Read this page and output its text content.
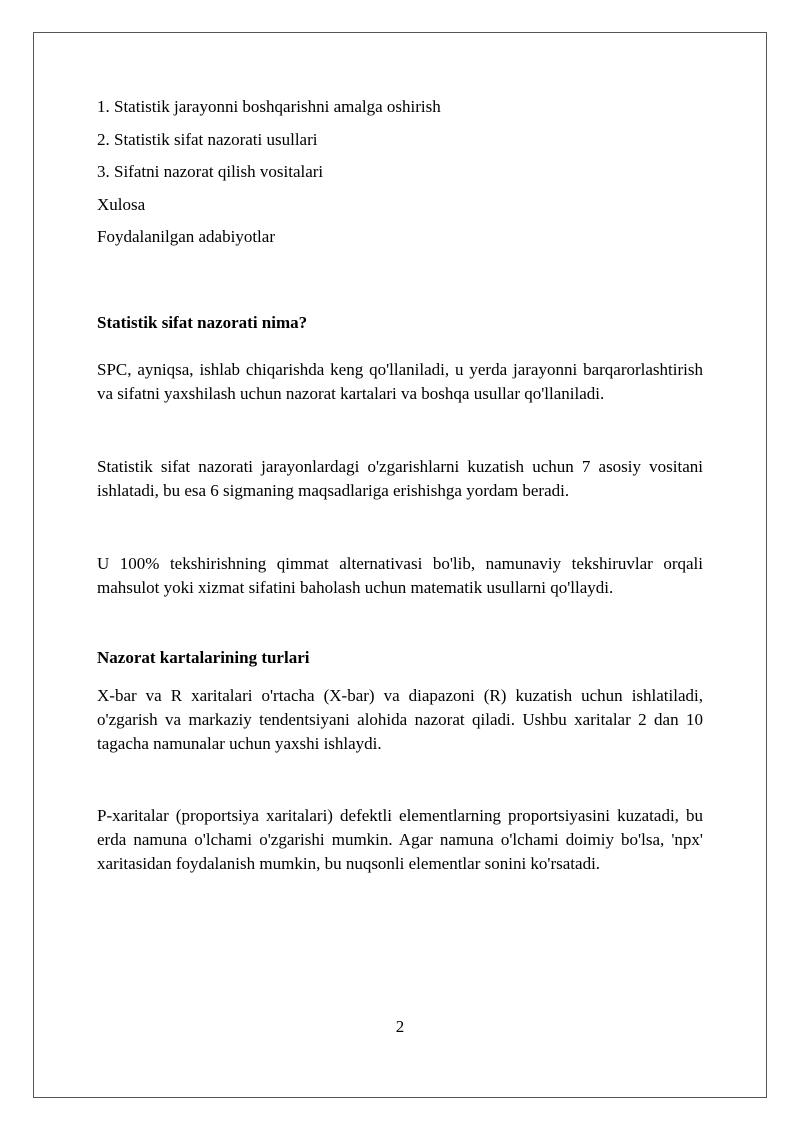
1. Statistik jarayonni boshqarishni amalga oshirish

2. Statistik sifat nazorati usullari

3. Sifatni nazorat qilish vositalari

Xulosa

Foydalanilgan adabiyotlar

Statistik sifat nazorati nima?

SPC, ayniqsa, ishlab chiqarishda keng qo'llaniladi, u yerda jarayonni barqarorlashtirish va sifatni yaxshilash uchun nazorat kartalari va boshqa usullar qo'llaniladi.

Statistik sifat nazorati jarayonlardagi o'zgarishlarni kuzatish uchun 7 asosiy vositani ishlatadi, bu esa 6 sigmaning maqsadlariga erishishga yordam beradi.

U 100% tekshirishning qimmat alternativasi bo'lib, namunaviy tekshiruvlar orqali mahsulot yoki xizmat sifatini baholash uchun matematik usullarni qo'llaydi.

Nazorat kartalarining turlari

X-bar va R xaritalari o'rtacha (X-bar) va diapazoni (R) kuzatish uchun ishlatiladi, o'zgarish va markaziy tendentsiyani alohida nazorat qiladi. Ushbu xaritalar 2 dan 10 tagacha namunalar uchun yaxshi ishlaydi.

P-xaritalar (proportsiya xaritalari) defektli elementlarning proportsiyasini kuzatadi, bu erda namuna o'lchami o'zgarishi mumkin. Agar namuna o'lchami doimiy bo'lsa, 'npx' xaritasidan foydalanish mumkin, bu nuqsonli elementlar sonini ko'rsatadi.

2
